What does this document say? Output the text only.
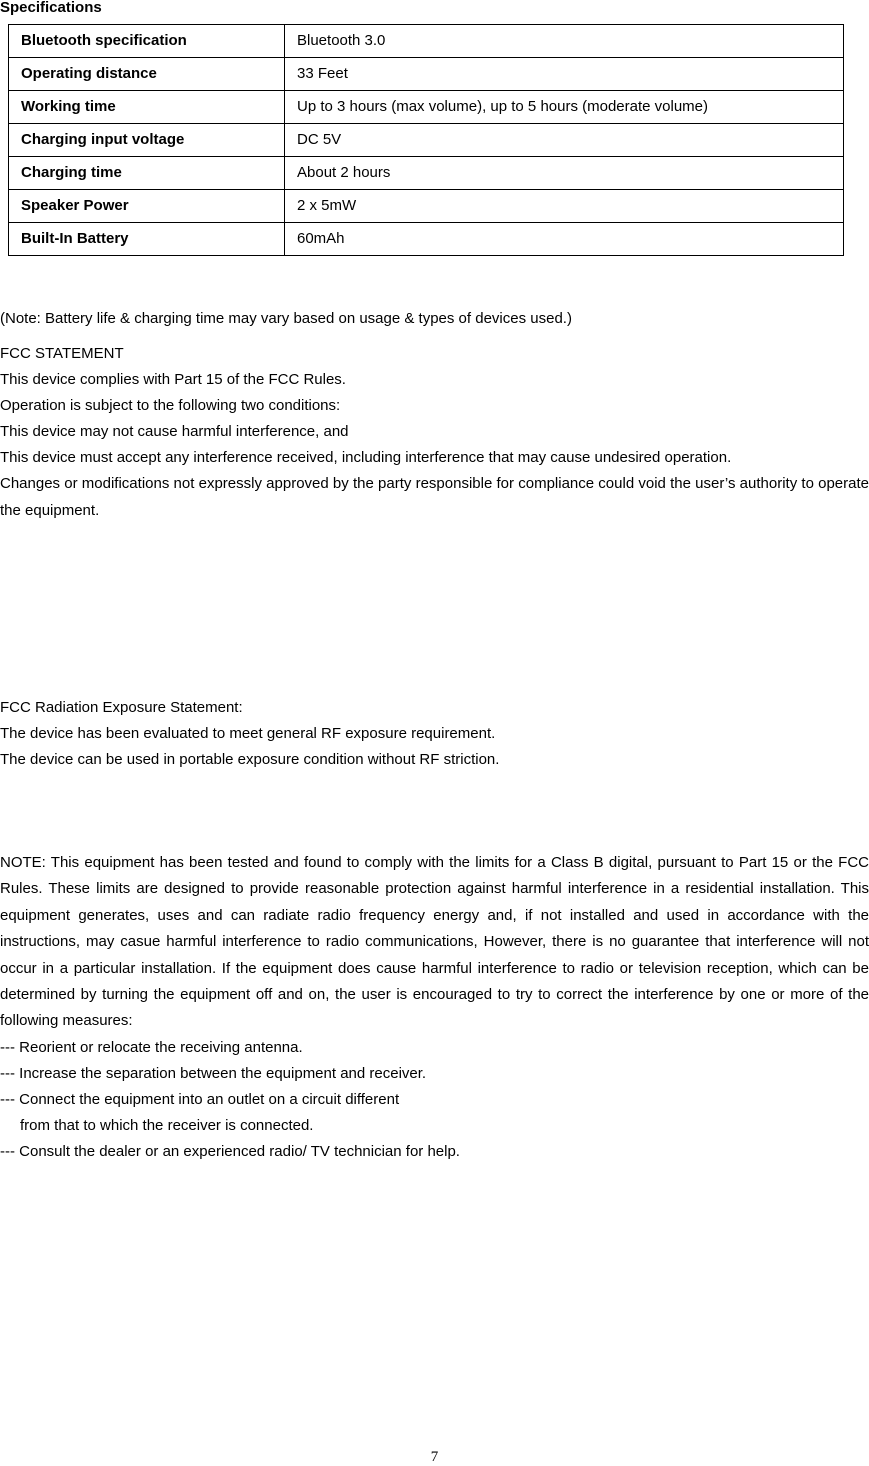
Specifications
Bluetooth specification	Bluetooth 3.0
Operating distance	33 Feet
Working time	Up to 3 hours (max volume), up to 5 hours (moderate volume)
Charging input voltage	DC 5V
Charging time	About 2 hours
Speaker Power	2 x 5mW
Built-In Battery	60mAh
(Note: Battery life & charging time may vary based on usage & types of devices used.)
FCC STATEMENT
This device complies with Part 15 of the FCC Rules.
Operation is subject to the following two conditions:
This device may not cause harmful interference, and
This device must accept any interference received, including interference that may cause undesired operation.
Changes or modifications not expressly approved by the party responsible for compliance could void the user’s authority to operate the equipment.
FCC Radiation Exposure Statement:
The device has been evaluated to meet general RF exposure requirement.
The device can be used in portable exposure condition without RF striction.
NOTE: This equipment has been tested and found to comply with the limits for a Class B digital, pursuant to Part 15 or the FCC Rules. These limits are designed to provide reasonable protection against harmful interference in a residential installation. This equipment generates, uses and can radiate radio frequency energy and, if not installed and used in accordance with the instructions, may casue harmful interference to radio communications, However, there is no guarantee that interference will not occur in a particular installation. If the equipment does cause harmful interference to radio or television reception, which can be determined by turning the equipment off and on, the user is encouraged to try to correct the interference by one or more of the following measures:
--- Reorient or relocate the receiving antenna.
--- Increase the separation between the equipment and receiver.
--- Connect the equipment into an outlet on a circuit different
from that to which the receiver is connected.
--- Consult the dealer or an experienced radio/ TV technician for help.
7
